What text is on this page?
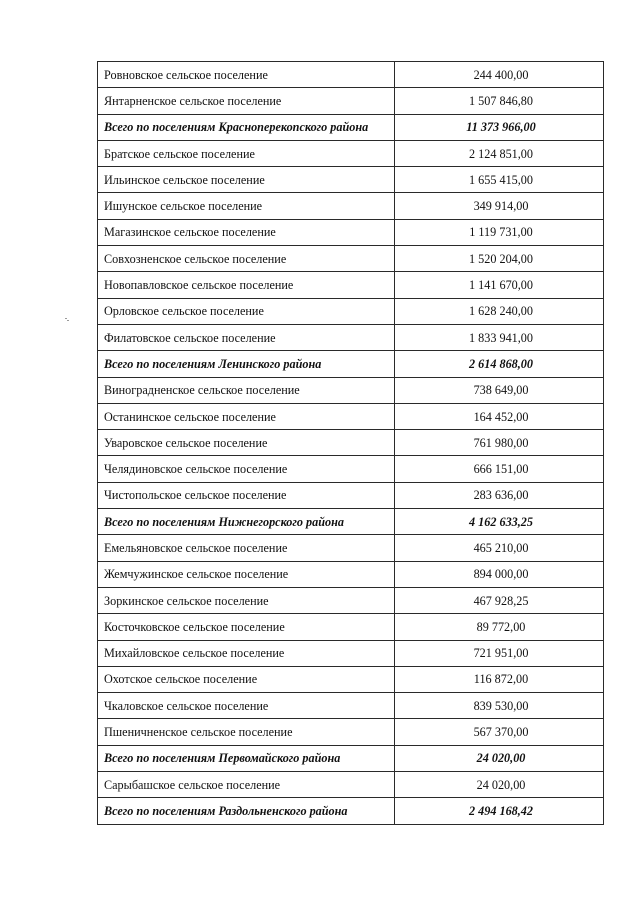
Ровновское сельское поселение	244 400,00
Янтарненское сельское поселение	1 507 846,80
Всего по поселениям Красноперекопского района	11 373 966,00
Братское сельское поселение	2 124 851,00
Ильинское сельское поселение	1 655 415,00
Ишунское сельское поселение	349 914,00
Магазинское сельское поселение	1 119 731,00
Совхозненское сельское поселение	1 520 204,00
Новопавловское сельское поселение	1 141 670,00
Орловское сельское поселение	1 628 240,00
Филатовское сельское поселение	1 833 941,00
Всего по поселениям Ленинского района	2 614 868,00
Виноградненское сельское поселение	738 649,00
Останинское сельское поселение	164 452,00
Уваровское сельское поселение	761 980,00
Челядиновское сельское поселение	666 151,00
Чистопольское сельское поселение	283 636,00
Всего по поселениям Нижнегорского района	4 162 633,25
Емельяновское сельское поселение	465 210,00
Жемчужинское сельское поселение	894 000,00
Зоркинское сельское поселение	467 928,25
Косточковское сельское поселение	89 772,00
Михайловское сельское поселение	721 951,00
Охотское сельское поселение	116 872,00
Чкаловское сельское поселение	839 530,00
Пшеничненское сельское поселение	567 370,00
Всего по поселениям Первомайского района	24 020,00
Сарыбашское сельское поселение	24 020,00
Всего по поселениям Раздольненского района	2 494 168,42
